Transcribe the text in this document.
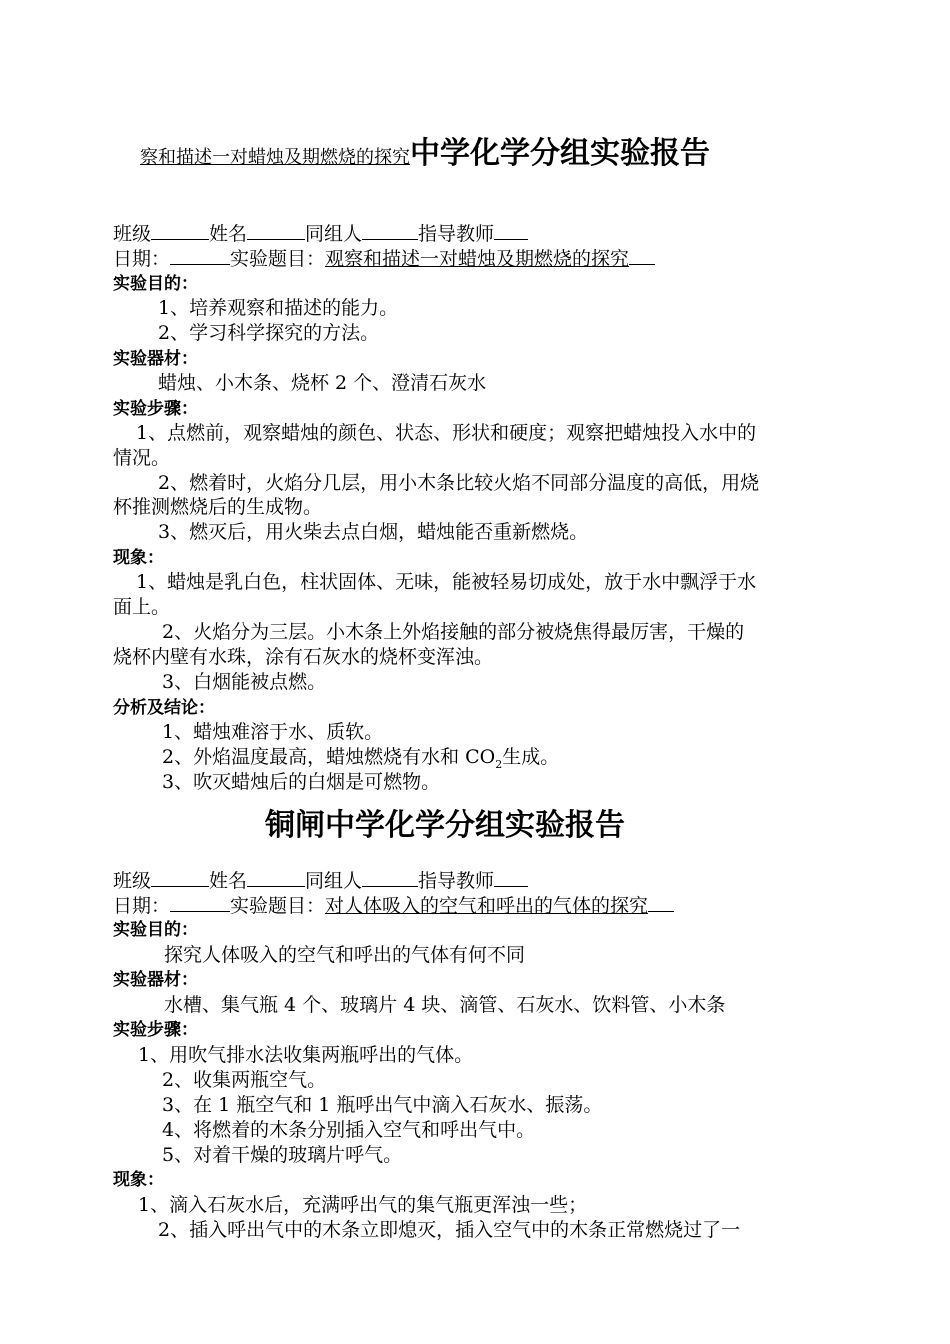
察和描述一对蜡烛及期燃烧的探究中学化学分组实验报告
班级	姓名	同组人	指导教师
日期：	实验题目：观察和描述一对蜡烛及期燃烧的探究
实验目的：
1、培养观察和描述的能力。
2、学习科学探究的方法。
实验器材：
蜡烛、小木条、烧杯 2 个、澄清石灰水
实验步骤：
1、点燃前，观察蜡烛的颜色、状态、形状和硬度；观察把蜡烛投入水中的
情况。
2、燃着时，火焰分几层，用小木条比较火焰不同部分温度的高低，用烧
杯推测燃烧后的生成物。
3、燃灭后，用火柴去点白烟，蜡烛能否重新燃烧。
现象：
1、蜡烛是乳白色，柱状固体、无味，能被轻易切成处，放于水中飘浮于水
面上。
2、火焰分为三层。小木条上外焰接触的部分被烧焦得最厉害，干燥的
烧杯内壁有水珠，涂有石灰水的烧杯变浑浊。
3、白烟能被点燃。
分析及结论：
1、蜡烛难溶于水、质软。
2、外焰温度最高，蜡烛燃烧有水和 $CO_2$生成。
3、吹灭蜡烛后的白烟是可燃物。
铜闸中学化学分组实验报告
班级	姓名	同组人	指导教师
日期：	实验题目：对人体吸入的空气和呼出的气体的探究
实验目的：
探究人体吸入的空气和呼出的气体有何不同
实验器材：
水槽、集气瓶 4 个、玻璃片 4 块、滴管、石灰水、饮料管、小木条
实验步骤：
1、用吹气排水法收集两瓶呼出的气体。
2、收集两瓶空气。
3、在 1 瓶空气和 1 瓶呼出气中滴入石灰水、振荡。
4、将燃着的木条分别插入空气和呼出气中。
5、对着干燥的玻璃片呼气。
现象：
1、滴入石灰水后，充满呼出气的集气瓶更浑浊一些；
2、插入呼出气中的木条立即熄灭，插入空气中的木条正常燃烧过了一
